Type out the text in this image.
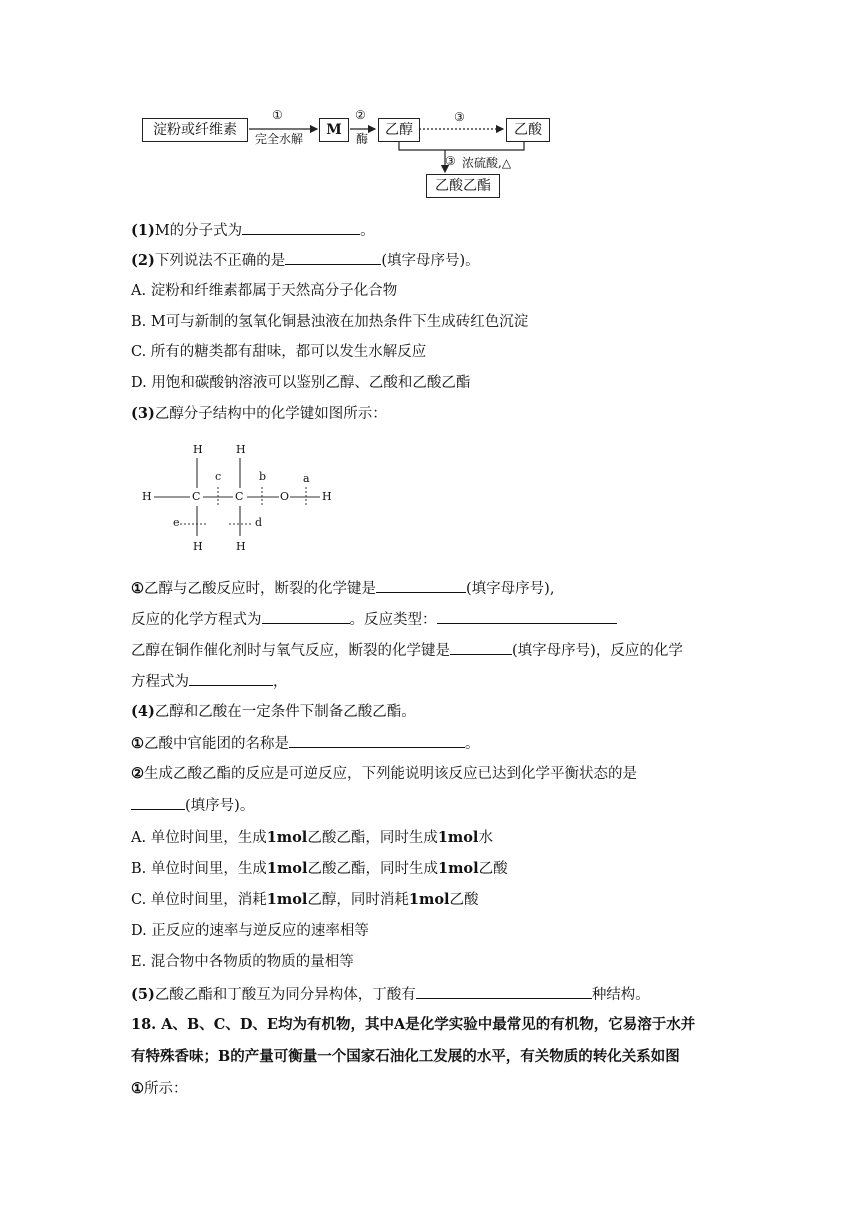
淀粉或纤维素
①
完全水解
M
②
酶
乙醇
③
乙酸
③ 浓硫酸,△
乙酸乙酯
(1)M的分子式为	。
(2)下列说法不正确的是	(填字母序号)。
A. 淀粉和纤维素都属于天然高分子化合物
B. M可与新制的氢氧化铜悬浊液在加热条件下生成砖红色沉淀
C. 所有的糖类都有甜味，都可以发生水解反应
D. 用饱和碳酸钠溶液可以鉴别乙醇、乙酸和乙酸乙酯
(3)乙醇分子结构中的化学键如图所示：
H	H
H	C	C	O	H
H	H
c	b	a
e	d
①乙醇与乙酸反应时，断裂的化学键是	(填字母序号),
反应的化学方程式为	。反应类型：
乙醇在铜作催化剂时与氧气反应，断裂的化学键是	(填字母序号)，反应的化学
方程式为	，
(4)乙醇和乙酸在一定条件下制备乙酸乙酯。
①乙酸中官能团的名称是	。
②生成乙酸乙酯的反应是可逆反应，下列能说明该反应已达到化学平衡状态的是
(填序号)。
A. 单位时间里，生成1mol乙酸乙酯，同时生成1mol水
B. 单位时间里，生成1mol乙酸乙酯，同时生成1mol乙酸
C. 单位时间里，消耗1mol乙醇，同时消耗1mol乙酸
D. 正反应的速率与逆反应的速率相等
E. 混合物中各物质的物质的量相等
(5)乙酸乙酯和丁酸互为同分异构体，丁酸有	种结构。
18. A、B、C、D、E均为有机物，其中A是化学实验中最常见的有机物，它易溶于水并
有特殊香味；B的产量可衡量一个国家石油化工发展的水平，有关物质的转化关系如图
①所示：
